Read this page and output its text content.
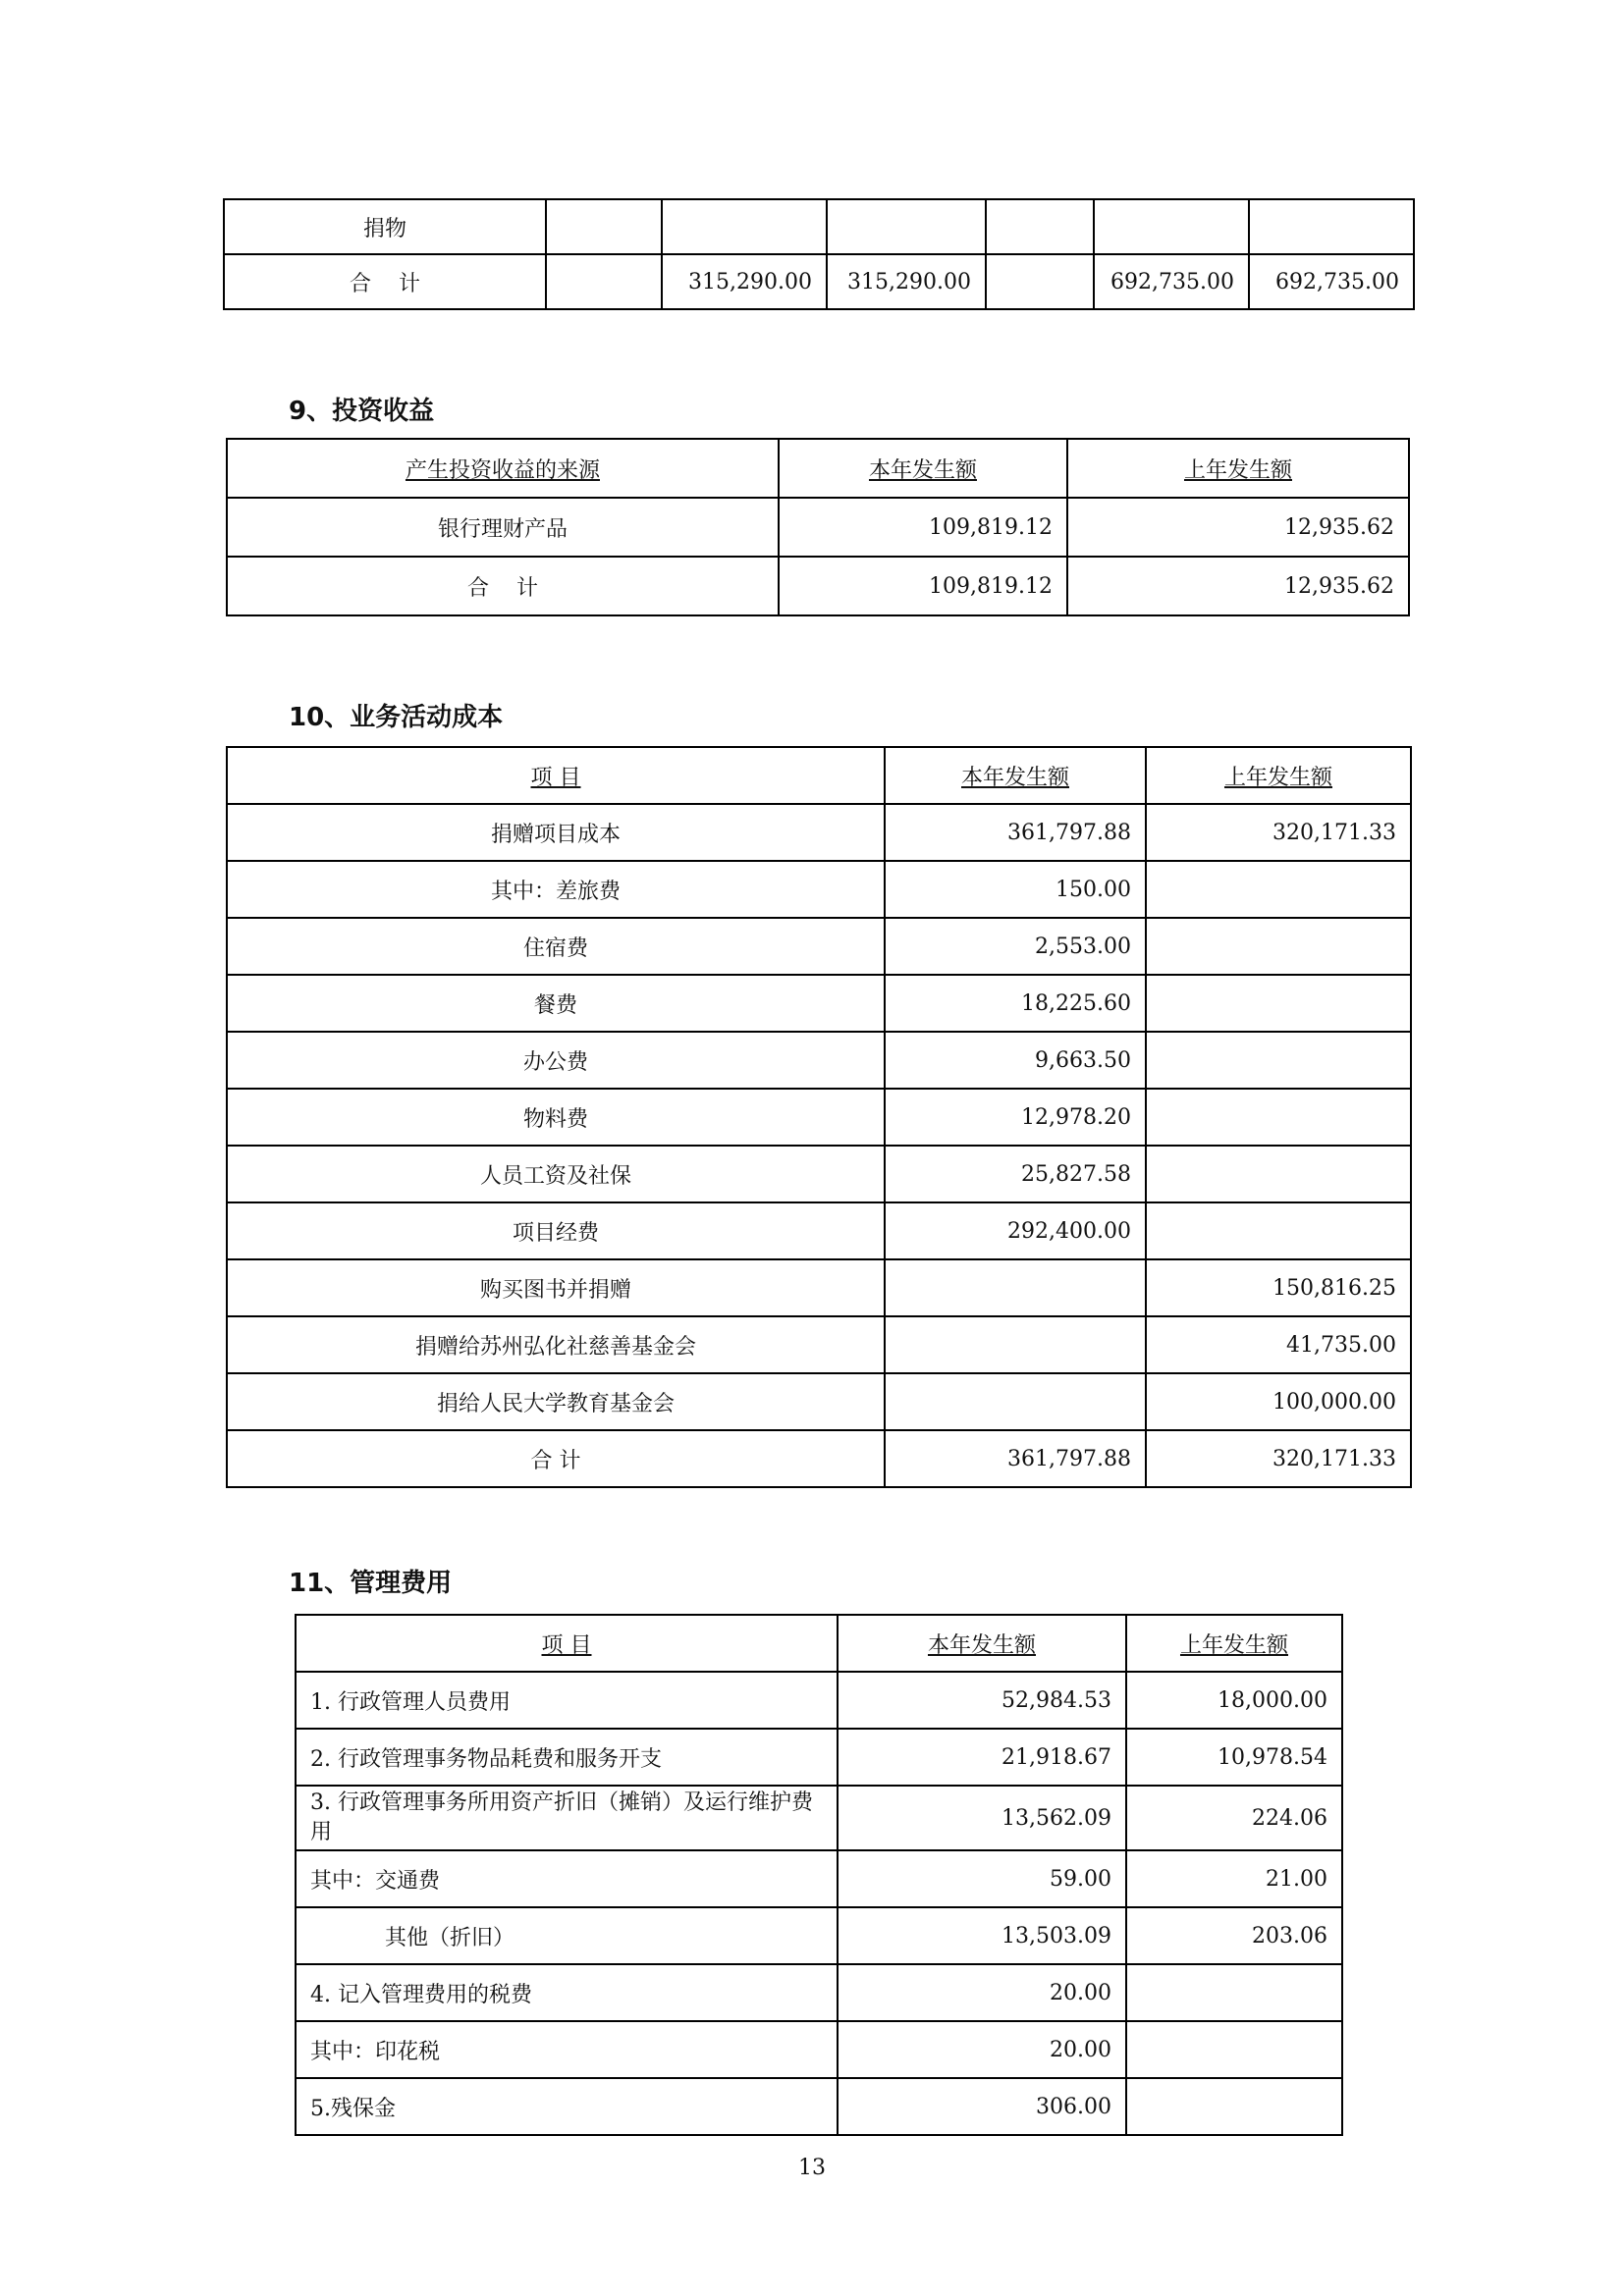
捐物						
合    计		315,290.00	315,290.00		692,735.00	692,735.00
9、投资收益
产生投资收益的来源	本年发生额	上年发生额
银行理财产品	109,819.12	12,935.62
合    计	109,819.12	12,935.62
10、业务活动成本
项 目	本年发生额	上年发生额
捐赠项目成本	361,797.88	320,171.33
其中：差旅费	150.00	
住宿费	2,553.00	
餐费	18,225.60	
办公费	9,663.50	
物料费	12,978.20	
人员工资及社保	25,827.58	
项目经费	292,400.00	
购买图书并捐赠		150,816.25
捐赠给苏州弘化社慈善基金会		41,735.00
捐给人民大学教育基金会		100,000.00
合 计	361,797.88	320,171.33
11、管理费用
项 目	本年发生额	上年发生额
1. 行政管理人员费用	52,984.53	18,000.00
2. 行政管理事务物品耗费和服务开支	21,918.67	10,978.54
3. 行政管理事务所用资产折旧（摊销）及运行维护费用	13,562.09	224.06
其中：交通费	59.00	21.00
其他（折旧）	13,503.09	203.06
4. 记入管理费用的税费	20.00	
其中：印花税	20.00	
5.残保金	306.00	
13
